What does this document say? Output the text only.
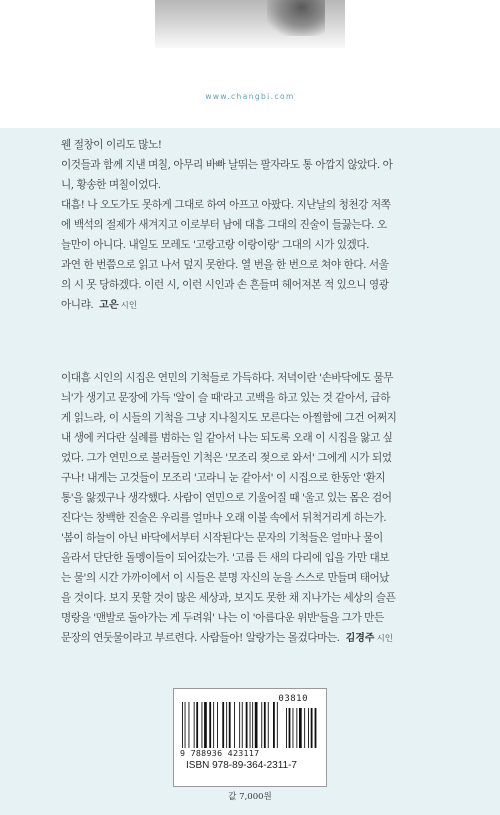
www.changbi.com
웬 절창이 이리도 많노!
이것들과 함께 지낸 며칠, 아무리 바빠 날뛰는 팔자라도 통 아깝지 않았다. 아
니, 황송한 며칠이었다.
대흠! 나 오도가도 못하게 그대로 하여 아프고 아팠다. 지난날의 청천강 저쪽
에 백석의 절제가 새겨지고 이로부터 남에 대흠 그대의 진술이 들끓는다. 오
늘만이 아니다. 내일도 모레도 '고랑고랑 이랑이랑' 그대의 시가 있겠다.
과연 한 번쯤으로 읽고 나서 덮지 못한다. 열 번을 한 번으로 쳐야 한다. 서울
의 시 못 당하겠다. 이런 시, 이런 시인과 손 흔들며 헤어져본 적 있으니 영광
아니랴. 고은 시인
이대흠 시인의 시집은 연민의 기척들로 가득하다. 저녁이란 '손바닥에도 물무
늬'가 생기고 문장에 가득 '알이 슬 때'라고 고백을 하고 있는 것 같아서, 급하
게 읽느라, 이 시들의 기척을 그냥 지나칠지도 모른다는 아찔함에 그건 어쩌지
내 생에 커다란 실례를 범하는 일 같아서 나는 되도록 오래 이 시집을 앓고 싶
었다. 그가 연민으로 불러들인 기척은 '모조리 젖으로 와서' 그에게 시가 되었
구나! 내게는 고것들이 모조리 '고라니 눈 같아서' 이 시집으로 한동안 '환지
통'을 앓겠구나 생각했다. 사람이 연민으로 기울어질 때 '울고 있는 몸은 검어
진다'는 창백한 진술은 우리를 얼마나 오래 이불 속에서 뒤척거리게 하는가.
'봄이 하늘이 아닌 바닥에서부터 시작된다'는 문자의 기척들은 얼마나 물이
올라서 단단한 돌멩이들이 되어갔는가. '고름 든 새의 다리에 입을 가만 대보
는 물'의 시간 가까이에서 이 시들은 분명 자신의 눈을 스스로 만들며 태어났
을 것이다. 보지 못할 것이 많은 세상과, 보지도 못한 채 지나가는 세상의 슬픈
명랑을 '맨발로 돌아가는 게 두려워' 나는 이 '아름다운 위반'들을 그가 만든
문장의 연둣물이라고 부르련다. 사람들아! 알랑가는 몰겄다마는. 김경주 시인
03810
9 788936 423117
ISBN 978-89-364-2311-7
값 7,000원
